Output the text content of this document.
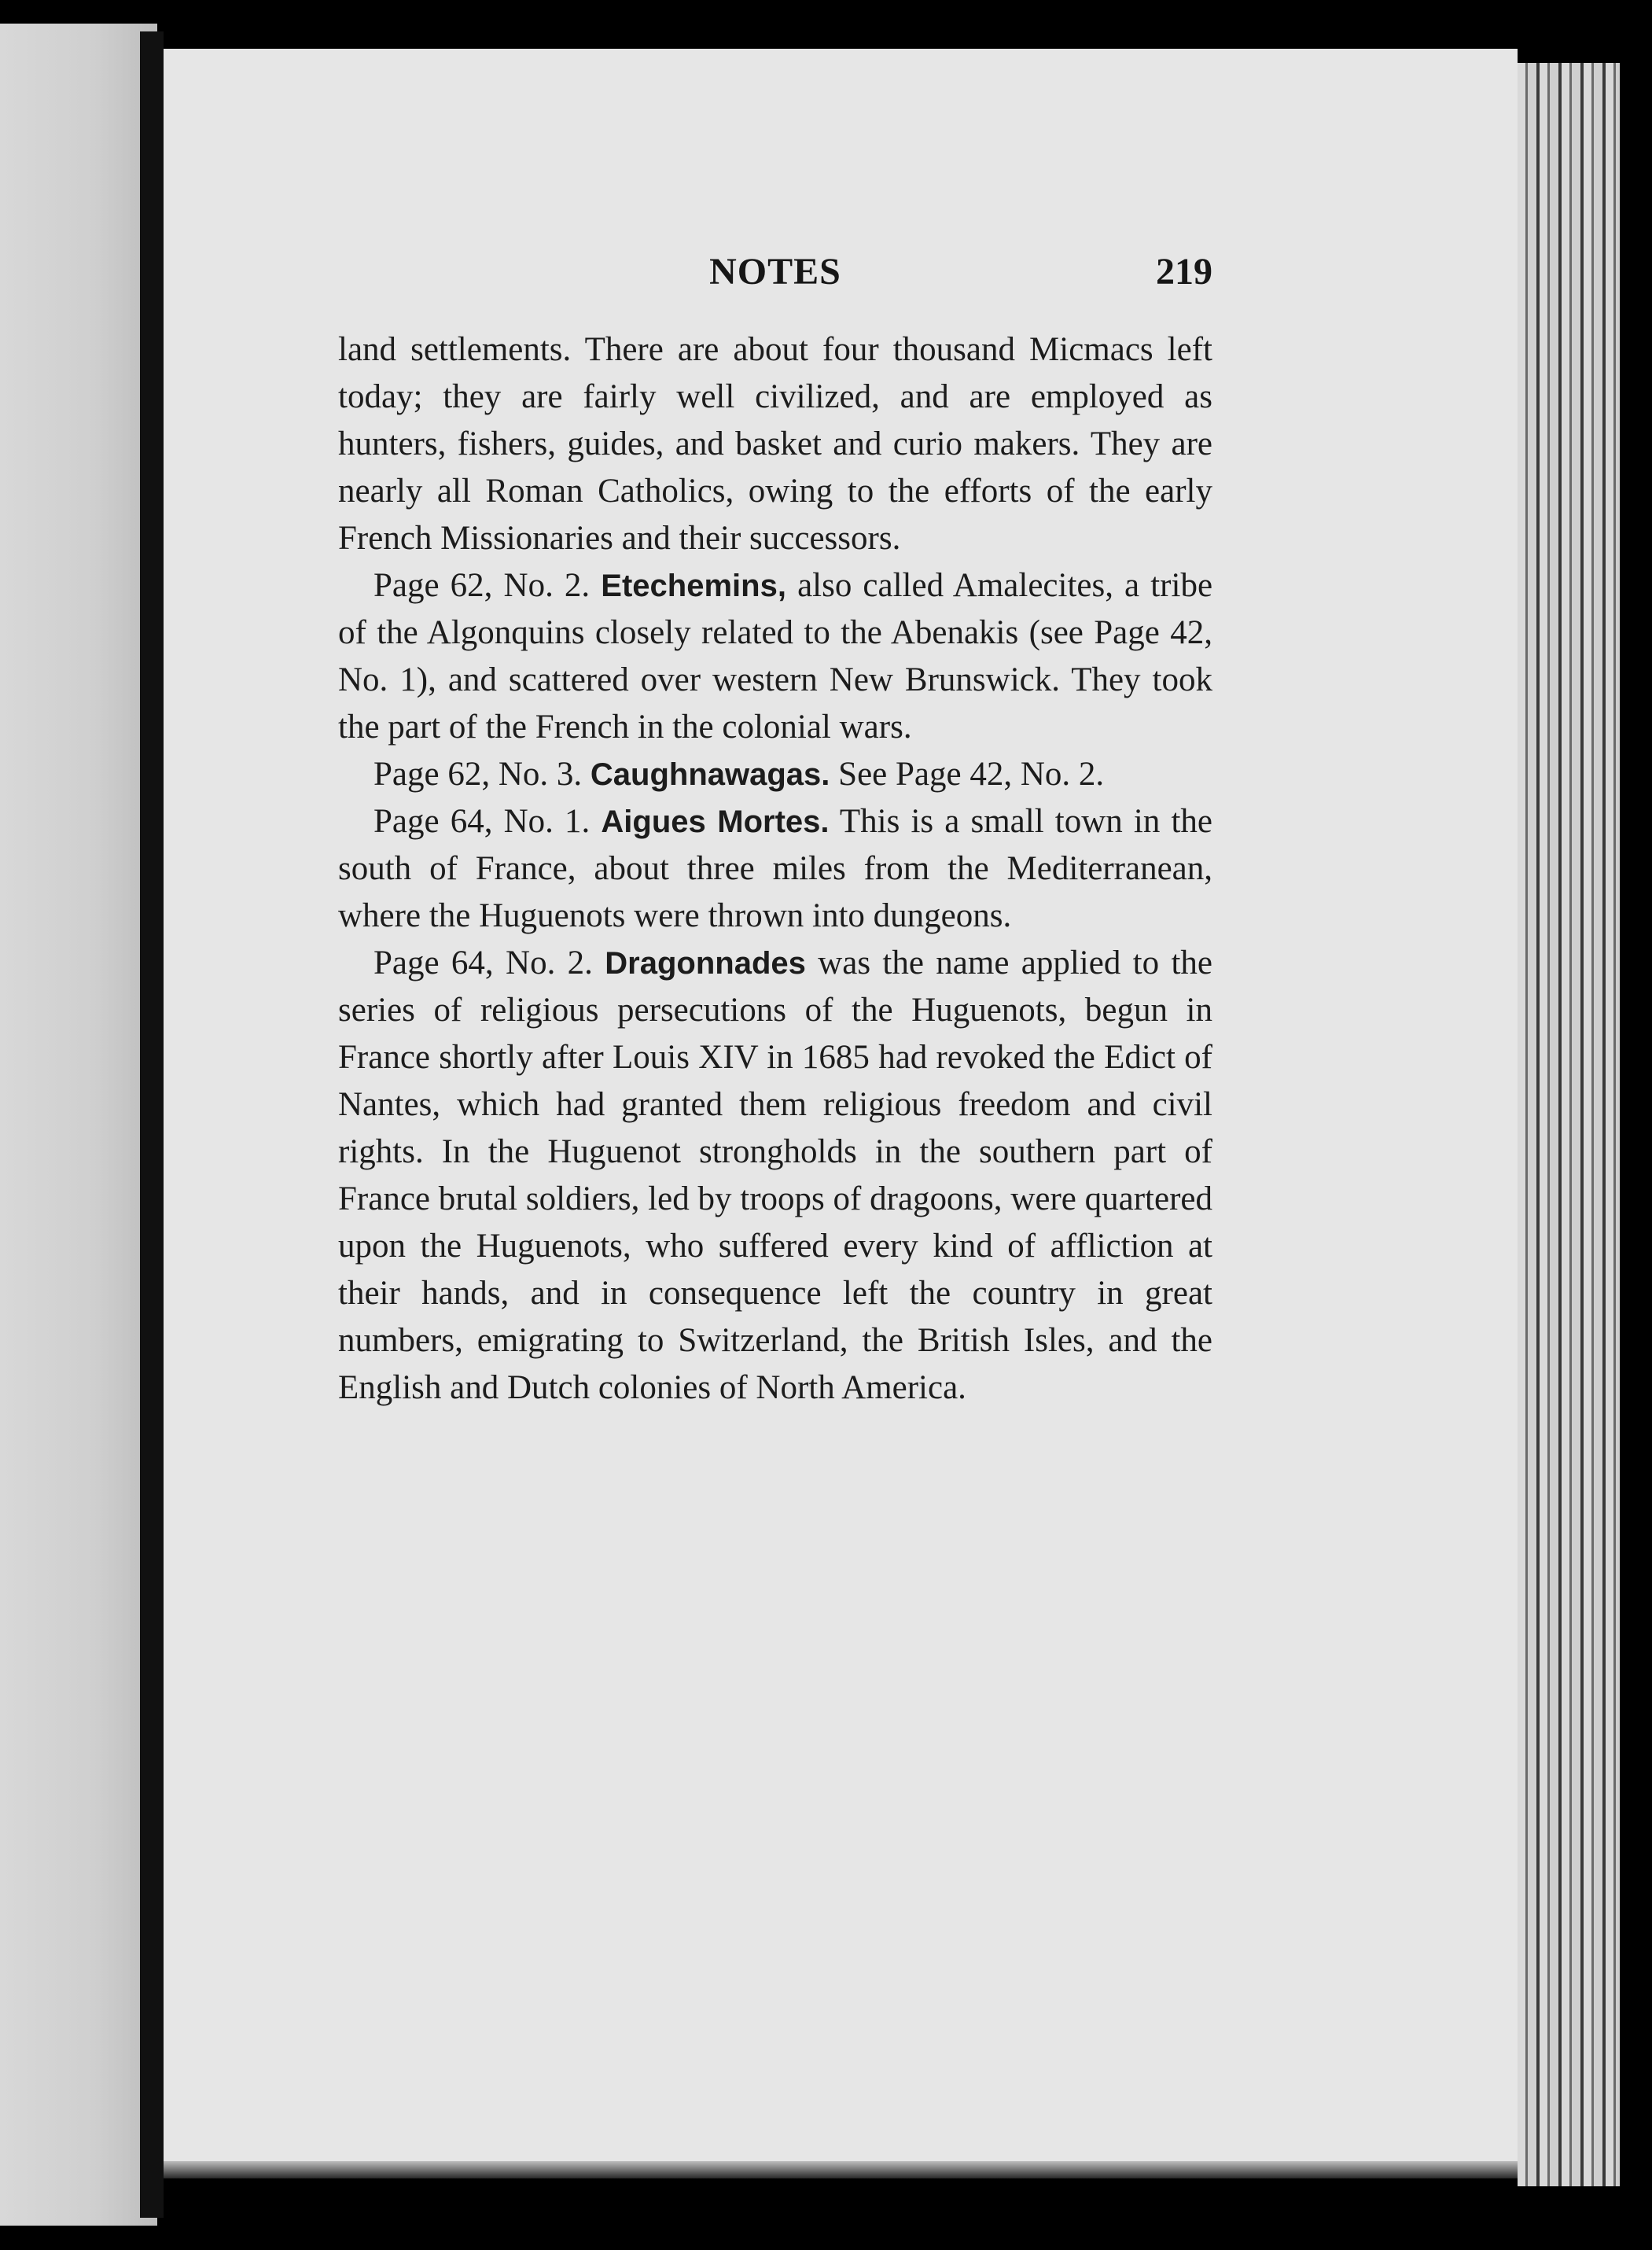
NOTES	219

land settlements. There are about four thousand Micmacs left today; they are fairly well civilized, and are employed as hunters, fishers, guides, and basket and curio makers. They are nearly all Roman Catholics, owing to the efforts of the early French Missionaries and their successors.

Page 62, No. 2. Etechemins, also called Amalecites, a tribe of the Algonquins closely related to the Abenakis (see Page 42, No. 1), and scattered over western New Brunswick. They took the part of the French in the colonial wars.

Page 62, No. 3. Caughnawagas. See Page 42, No. 2.

Page 64, No. 1. Aigues Mortes. This is a small town in the south of France, about three miles from the Mediterranean, where the Huguenots were thrown into dungeons.

Page 64, No. 2. Dragonnades was the name applied to the series of religious persecutions of the Huguenots, begun in France shortly after Louis XIV in 1685 had revoked the Edict of Nantes, which had granted them religious freedom and civil rights. In the Huguenot strongholds in the southern part of France brutal soldiers, led by troops of dragoons, were quartered upon the Huguenots, who suffered every kind of affliction at their hands, and in consequence left the country in great numbers, emigrating to Switzerland, the British Isles, and the English and Dutch colonies of North America.
